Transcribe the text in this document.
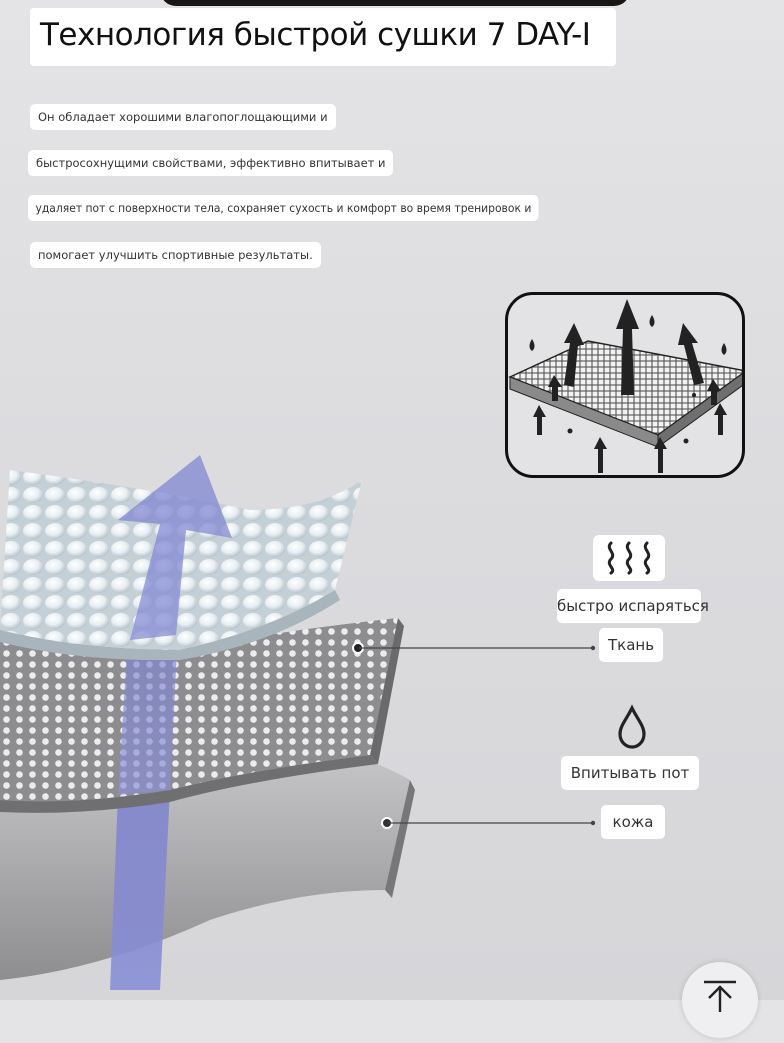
Технология быстрой сушки 7 DAY-I
Он обладает хорошими влагопоглощающими и
быстросохнущими свойствами, эффективно впитывает и
удаляет пот с поверхности тела, сохраняет сухость и комфорт во время тренировок и
помогает улучшить спортивные результаты.
быстро испаряться
Ткань
Впитывать пот
кожа
